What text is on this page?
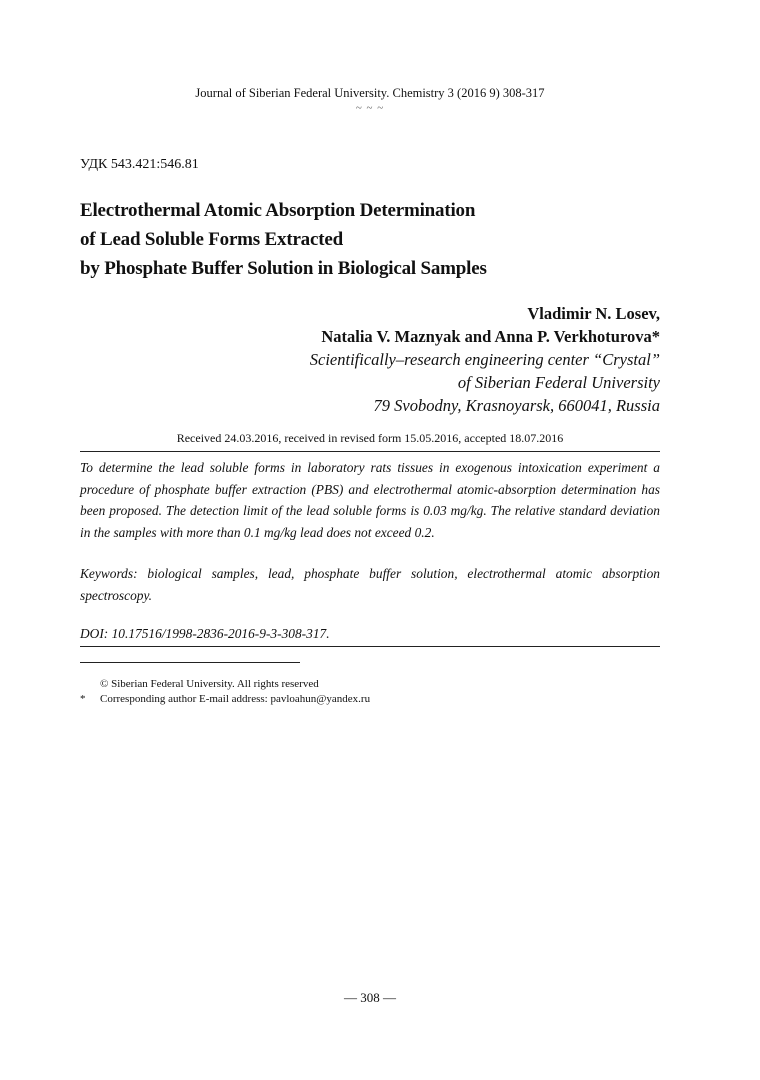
Journal of Siberian Federal University. Chemistry 3 (2016 9) 308-317
~ ~ ~
УДК 543.421:546.81
Electrothermal Atomic Absorption Determination
of Lead Soluble Forms Extracted
by Phosphate Buffer Solution in Biological Samples
Vladimir N. Losev,
Natalia V. Maznyak and Anna P. Verkhoturova*
Scientifically–research engineering center “Crystal”
of Siberian Federal University
79 Svobodny, Krasnoyarsk, 660041, Russia
Received 24.03.2016, received in revised form 15.05.2016, accepted 18.07.2016
To determine the lead soluble forms in laboratory rats tissues in exogenous intoxication experiment a procedure of phosphate buffer extraction (PBS) and electrothermal atomic-absorption determination has been proposed. The detection limit of the lead soluble forms is 0.03 mg/kg. The relative standard deviation in the samples with more than 0.1 mg/kg lead does not exceed 0.2.
Keywords: biological samples, lead, phosphate buffer solution, electrothermal atomic absorption spectroscopy.
DOI: 10.17516/1998-2836-2016-9-3-308-317.
© Siberian Federal University. All rights reserved
* Corresponding author E-mail address: pavloahun@yandex.ru
― 308 ―
